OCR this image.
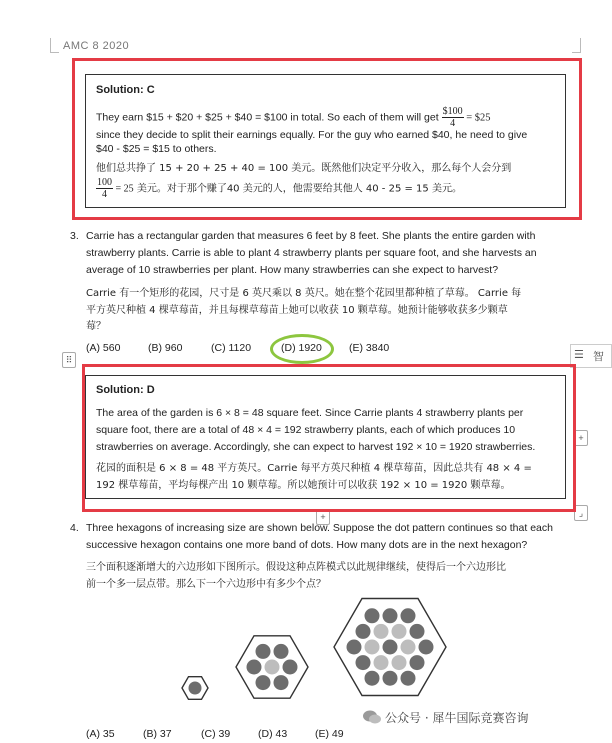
AMC 8 2020
Solution: C
They earn $15 + $20 + $25 + $40 = $100 in total. So each of them will get $\frac{\$100}{4}$ = $25
since they decide to split their earnings equally. For the guy who earned $40, he need to give
$40 - $25 = $15 to others.
他们总共挣了 15 + 20 + 25 + 40 = 100 美元。既然他们决定平分收入，那么每个人会分到
$\frac{100}{4} = 25$ 美元。对于那个赚了40 美元的人，他需要给其他人 40 - 25 = 15 美元。
3. Carrie has a rectangular garden that measures 6 feet by 8 feet. She plants the entire garden with
strawberry plants. Carrie is able to plant 4 strawberry plants per square foot, and she harvests an
average of 10 strawberries per plant. How many strawberries can she expect to harvest?
Carrie 有一个矩形的花园，尺寸是 6 英尺乘以 8 英尺。她在整个花园里都种植了草莓。 Carrie 每
平方英尺种植 4 棵草莓苗，并且每棵草莓苗上她可以收获 10 颗草莓。她预计能够收获多少颗草
莓？
(A) 560	(B) 960	(C) 1120	(D) 1920	(E) 3840
⠿	☰ 智
+
⌟
+
Solution: D
The area of the garden is 6 × 8 = 48 square feet. Since Carrie plants 4 strawberry plants per
square foot, there are a total of 48 × 4 = 192 strawberry plants, each of which produces 10
strawberries on average. Accordingly, she can expect to harvest 192 × 10 = 1920 strawberries.
花园的面积是 6 × 8 = 48 平方英尺。Carrie 每平方英尺种植 4 棵草莓苗，因此总共有 48 × 4 =
192 棵草莓苗，平均每棵产出 10 颗草莓。所以她预计可以收获 192 × 10 = 1920 颗草莓。
4. Three hexagons of increasing size are shown below. Suppose the dot pattern continues so that each
successive hexagon contains one more band of dots. How many dots are in the next hexagon?
三个面积逐渐增大的六边形如下图所示。假设这种点阵模式以此规律继续，使得后一个六边形比
前一个多一层点带。那么下一个六边形中有多少个点？
(A) 35	(B) 37	(C) 39	(D) 43	(E) 49
公众号 · 犀牛国际竞赛咨询
